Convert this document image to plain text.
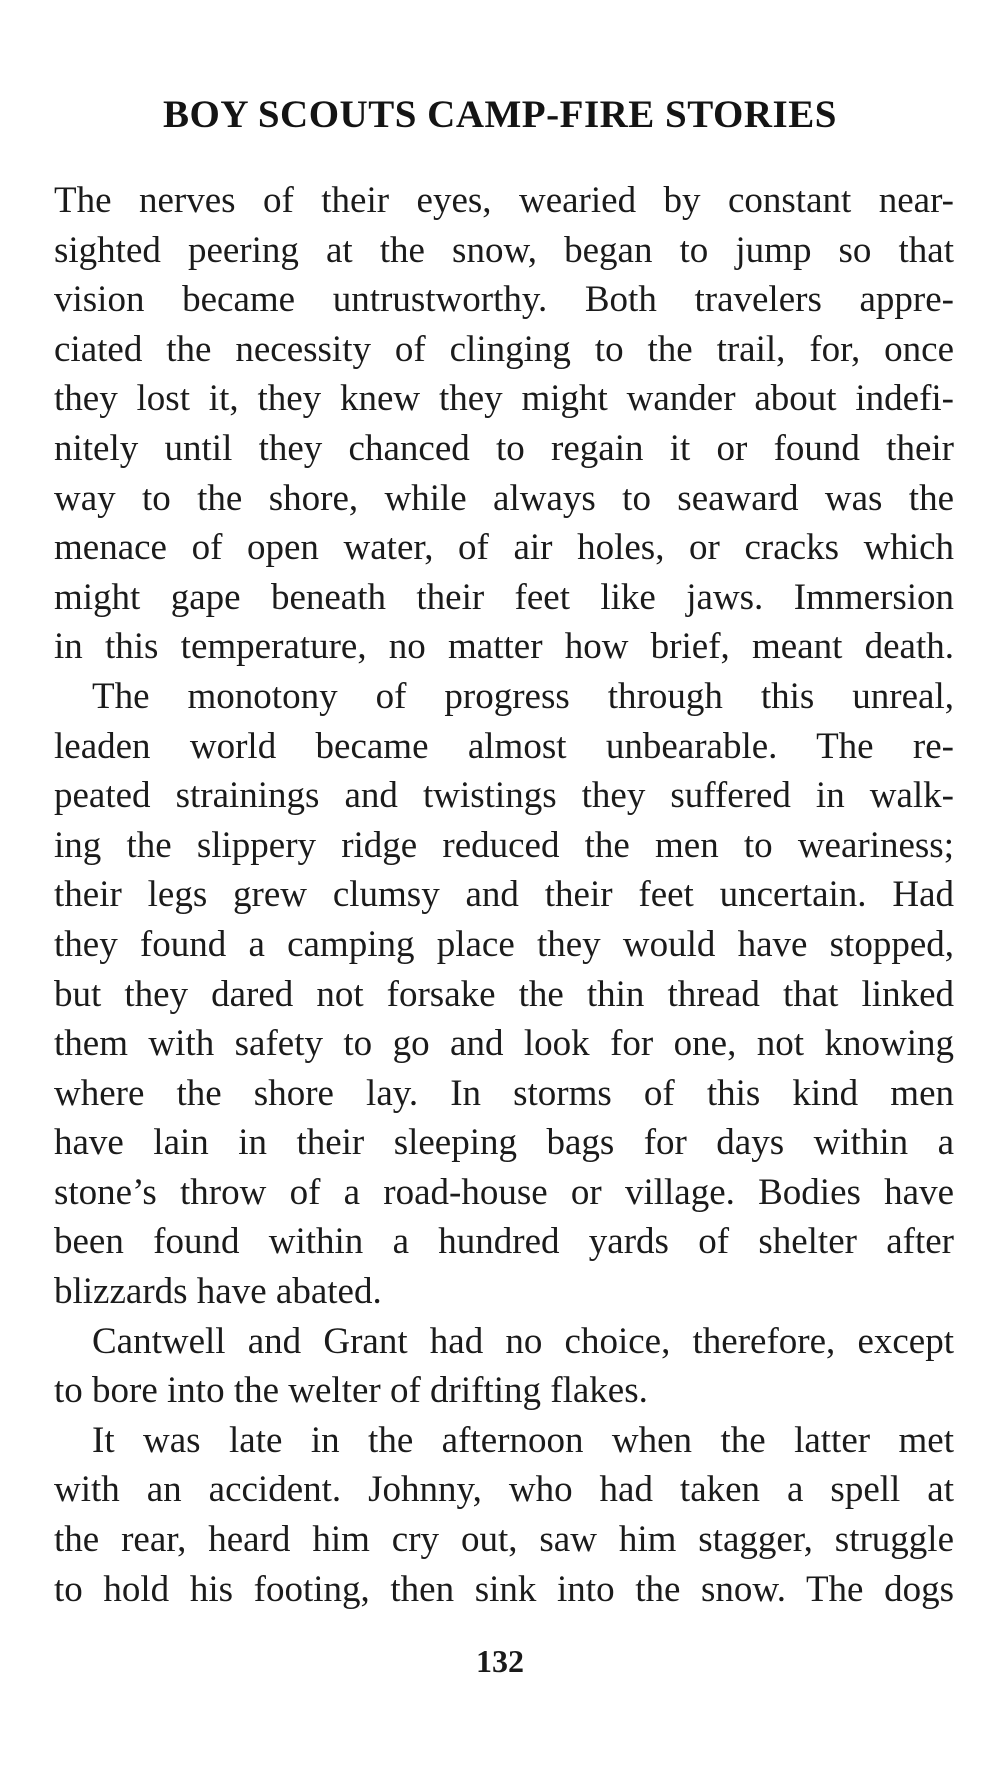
BOY SCOUTS CAMP-FIRE STORIES
The nerves of their eyes, wearied by constant near-
sighted peering at the snow, began to jump so that
vision became untrustworthy. Both travelers appre-
ciated the necessity of clinging to the trail, for, once
they lost it, they knew they might wander about indefi-
nitely until they chanced to regain it or found their
way to the shore, while always to seaward was the
menace of open water, of air holes, or cracks which
might gape beneath their feet like jaws. Immersion
in this temperature, no matter how brief, meant death.
The monotony of progress through this unreal,
leaden world became almost unbearable. The re-
peated strainings and twistings they suffered in walk-
ing the slippery ridge reduced the men to weariness;
their legs grew clumsy and their feet uncertain. Had
they found a camping place they would have stopped,
but they dared not forsake the thin thread that linked
them with safety to go and look for one, not knowing
where the shore lay. In storms of this kind men
have lain in their sleeping bags for days within a
stone’s throw of a road-house or village. Bodies have
been found within a hundred yards of shelter after
blizzards have abated.
Cantwell and Grant had no choice, therefore, except
to bore into the welter of drifting flakes.
It was late in the afternoon when the latter met
with an accident. Johnny, who had taken a spell at
the rear, heard him cry out, saw him stagger, struggle
to hold his footing, then sink into the snow. The dogs
132
